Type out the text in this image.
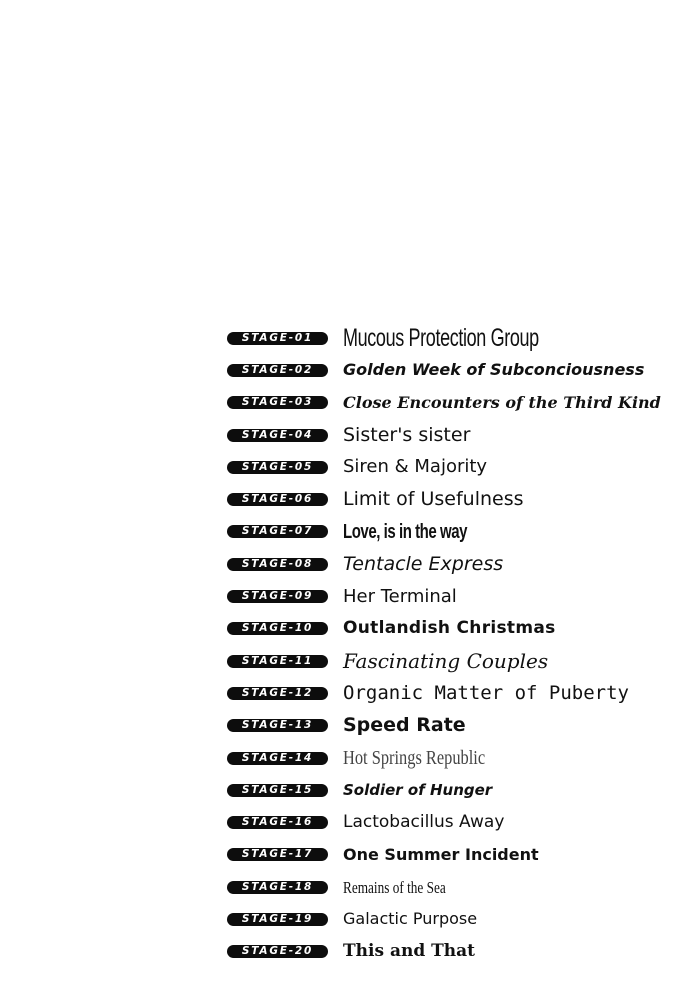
STAGE-01	Mucous Protection Group
STAGE-02	Golden Week of Subconciousness
STAGE-03	Close Encounters of the Third Kind
STAGE-04	Sister's sister
STAGE-05	Siren & Majority
STAGE-06	Limit of Usefulness
STAGE-07	Love, is in the way
STAGE-08	Tentacle Express
STAGE-09	Her Terminal
STAGE-10	Outlandish Christmas
STAGE-11	Fascinating Couples
STAGE-12	Organic Matter of Puberty
STAGE-13	Speed Rate
STAGE-14	Hot Springs Republic
STAGE-15	Soldier of Hunger
STAGE-16	Lactobacillus Away
STAGE-17	One Summer Incident
STAGE-18	Remains of the Sea
STAGE-19	Galactic Purpose
STAGE-20	This and That
